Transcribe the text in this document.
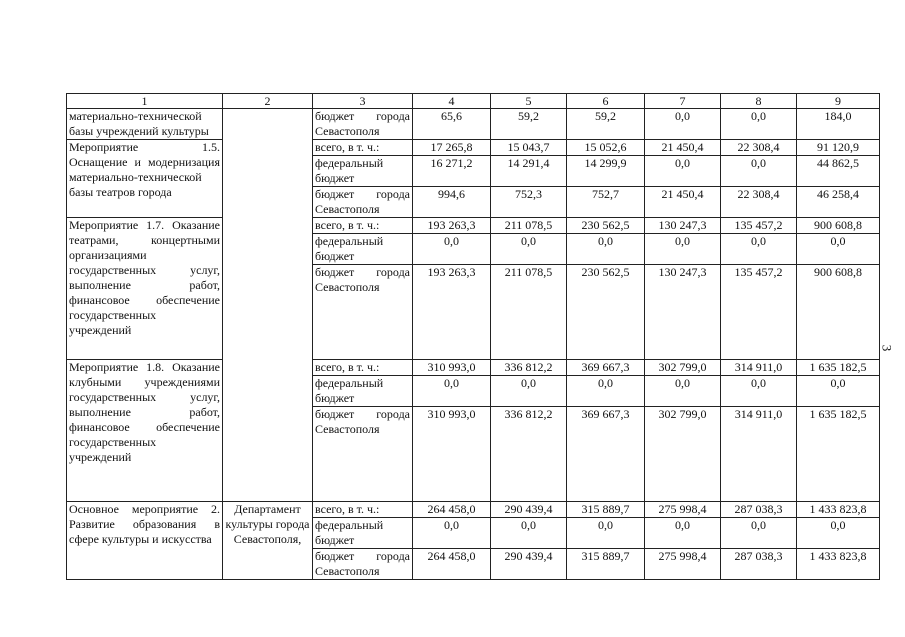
1	2	3	4	5	6	7	8	9
материально-технической базы учреждений культуры		бюджет города Севастополя	65,6	59,2	59,2	0,0	0,0	184,0
Мероприятие 1.5. Оснащение и модернизация материально-технической базы театров города		всего, в т. ч.:	17 265,8	15 043,7	15 052,6	21 450,4	22 308,4	91 120,9
		федеральный бюджет	16 271,2	14 291,4	14 299,9	0,0	0,0	44 862,5
		бюджет города Севастополя	994,6	752,3	752,7	21 450,4	22 308,4	46 258,4
Мероприятие 1.7. Оказание театрами, концертными организациями государственных услуг, выполнение работ, финансовое обеспечение государственных учреждений		всего, в т. ч.:	193 263,3	211 078,5	230 562,5	130 247,3	135 457,2	900 608,8
		федеральный бюджет	0,0	0,0	0,0	0,0	0,0	0,0
		бюджет города Севастополя	193 263,3	211 078,5	230 562,5	130 247,3	135 457,2	900 608,8
Мероприятие 1.8. Оказание клубными учреждениями государственных услуг, выполнение работ, финансовое обеспечение государственных учреждений		всего, в т. ч.:	310 993,0	336 812,2	369 667,3	302 799,0	314 911,0	1 635 182,5
		федеральный бюджет	0,0	0,0	0,0	0,0	0,0	0,0
		бюджет города Севастополя	310 993,0	336 812,2	369 667,3	302 799,0	314 911,0	1 635 182,5
Основное мероприятие 2. Развитие образования в сфере культуры и искусства	Департамент культуры города Севастополя,	всего, в т. ч.:	264 458,0	290 439,4	315 889,7	275 998,4	287 038,3	1 433 823,8
		федеральный бюджет	0,0	0,0	0,0	0,0	0,0	0,0
		бюджет города Севастополя	264 458,0	290 439,4	315 889,7	275 998,4	287 038,3	1 433 823,8
3
